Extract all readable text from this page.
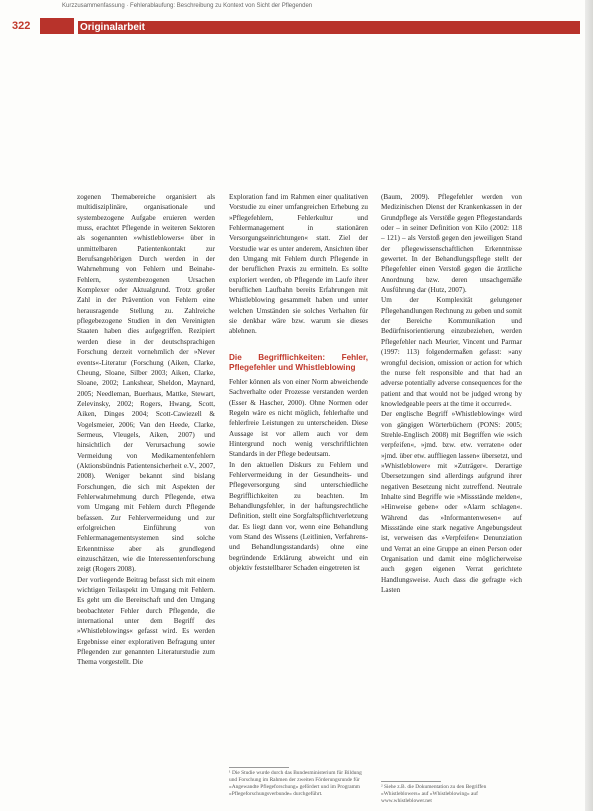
Kurzzusammenfassung · Fehlerablaufung: Beschreibung zu Kontext von Sicht der Pflegenden
322	Originalarbeit

zogenen Themabereiche organisiert als multidisziplinäre, organisationale und systembezogene Aufgabe eruieren werden muss, erachtet Pflegende in weiteren Sektoren als sogenannten »whistleblowers« über in unmittelbaren Patientenkontakt zur Berufsangehörigen Durch werden in der Wahrnehmung von Fehlern und Beinahe-Fehlern, systembezogenen Ursachen Komplexer oder Aktualgrund. Trotz großer Zahl in der Prävention von Fehlern eine herausragende Stellung zu. Zahlreiche pflegebezogene Studien in den Vereinigten Staaten haben dies aufgegriffen. Rezipiert werden diese in der deutschsprachigen Forschung derzeit vornehmlich der »Never events«-Literatur (Forschung (Aiken, Clarke, Cheung, Sloane, Silber 2003; Aiken, Clarke, Sloane, 2002; Lankshear, Sheldon, Maynard, 2005; Needleman, Buerhaus, Mattke, Stewart, Zelevinsky, 2002; Rogers, Hwang, Scott, Aiken, Dinges 2004; Scott-Cawiezell & Vogelsmeier, 2006; Van den Heede, Clarke, Sermeus, Vleugels, Aiken, 2007) und hinsichtlich der Verursachung sowie Vermeidung von Medikamentenfehlern (Aktionsbündnis Patientensicherheit e.V., 2007, 2008). Weniger bekannt sind bislang Forschungen, die sich mit Aspekten der Fehlerwahrnehmung durch Pflegende, etwa vom Umgang mit Fehlern durch Pflegende befassen. Zur Fehlervermeidung und zur erfolgreichen Einführung von Fehlermanagementsystemen sind solche Erkenntnisse aber als grundlegend einzuschätzen, wie die Interessentenforschung zeigt (Rogers 2008).

Der vorliegende Beitrag befasst sich mit einem wichtigen Teilaspekt im Umgang mit Fehlern. Es geht um die Bereitschaft und den Umgang beobachteter Fehler durch Pflegende, die international unter dem Begriff des »Whistleblowings« gefasst wird. Es werden Ergebnisse einer explorativen Befragung unter Pflegenden zur genannten Literaturstudie zum Thema vorgestellt. Die

Exploration fand im Rahmen einer qualitativen Vorstudie zu einer umfangreichen Erhebung zu »Pflegefehlern, Fehlerkultur und Fehlermanagement in stationären Versorgungseinrichtungen« statt. Ziel der Vorstudie war es unter anderem, Ansichten über den Umgang mit Fehlern durch Pflegende in der beruflichen Praxis zu ermitteln. Es sollte exploriert werden, ob Pflegende im Laufe ihrer beruflichen Laufbahn bereits Erfahrungen mit Whistleblowing gesammelt haben und unter welchen Umständen sie solches Verhalten für sie denkbar wäre bzw. warum sie dieses ablehnen.

Die Begrifflichkeiten: Fehler, Pflegefehler und Whistleblowing

Fehler können als von einer Norm abweichende Sachverhalte oder Prozesse verstanden werden (Esser & Hascher, 2000). Ohne Normen oder Regeln wäre es nicht möglich, fehlerhafte und fehlerfreie Leistungen zu unterscheiden. Diese Aussage ist vor allem auch vor dem Hintergrund noch wenig verschriftlichten Standards in der Pflege bedeutsam.

In den aktuellen Diskurs zu Fehlern und Fehlervermeidung in der Gesundheits- und Pflegeversorgung sind unterschiedliche Begrifflichkeiten zu beachten. Im Behandlungsfehler, in der haftungsrechtliche Definition, stellt eine Sorgfaltspflichtverletzung dar. Es liegt dann vor, wenn eine Behandlung vom Stand des Wissens (Leitlinien, Verfahrens- und Behandlungsstandards) ohne eine begründende Erklärung abweicht und ein objektiv feststellbarer Schaden eingetreten ist

(Baum, 2009). Pflegefehler werden von Medizinischen Dienst der Krankenkassen in der Grundpflege als Verstöße gegen Pflegestandards oder – in seiner Definition von Kilo (2002: 118 – 121) – als Verstoß gegen den jeweiligen Stand der pflegewissenschaftlichen Erkenntnisse gewertet. In der Behandlungspflege stellt der Pflegefehler einen Verstoß gegen die ärztliche Anordnung bzw. deren unsachgemäße Ausführung dar (Hutz, 2007).

Um der Komplexität gelungener Pflegehandlungen Rechnung zu geben und somit der Bereiche Kommunikation und Bedürfnisorientierung einzubeziehen, werden Pflegefehler nach Meurier, Vincent und Parmar (1997: 113) folgendermaßen gefasst: »any wrongful decision, omission or action for which the nurse felt responsible and that had an adverse potentially adverse consequences for the patient and that would not be judged wrong by knowledgeable peers at the time it occurred«.

Der englische Begriff »Whistleblowing« wird von gängigen Wörterbüchern (PONS: 2005; Strehle-Englisch 2008) mit Begriffen wie »sich verpfeifen«, »jmd. bzw. etw. verraten« oder »jmd. über etw. auffliegen lassen« übersetzt, und »Whistleblower« mit »Zuträger«. Derartige Übersetzungen sind allerdings aufgrund ihrer negativen Besetzung nicht zutreffend. Neutrale Inhalte sind Begriffe wie »Missstände melden«, »Hinweise geben« oder »Alarm schlagen«. Während das »Informantenwesen« auf Missstände eine stark negative Angebungsdeut ist, verweisen das »Verpfeifen« Denunziation und Verrat an eine Gruppe an einen Person oder Organisation und damit eine möglicherweise auch gegen eigenen Verrat gerichtete Handlungsweise. Auch dass die gefragte »ich Lasten

¹ Die Studie wurde durch das Bundesministerium für Bildung und Forschung im Rahmen der zweiten Förderungsrunde für »Angewandte Pflegeforschung« gefördert und im Programm »Pflegeforschungsverbunde« durchgeführt.
² Siehe z.B. die Dokumentation zu den Begriffen »Whistleblowers« auf »Whistleblowing« auf www.whistleblower.net
